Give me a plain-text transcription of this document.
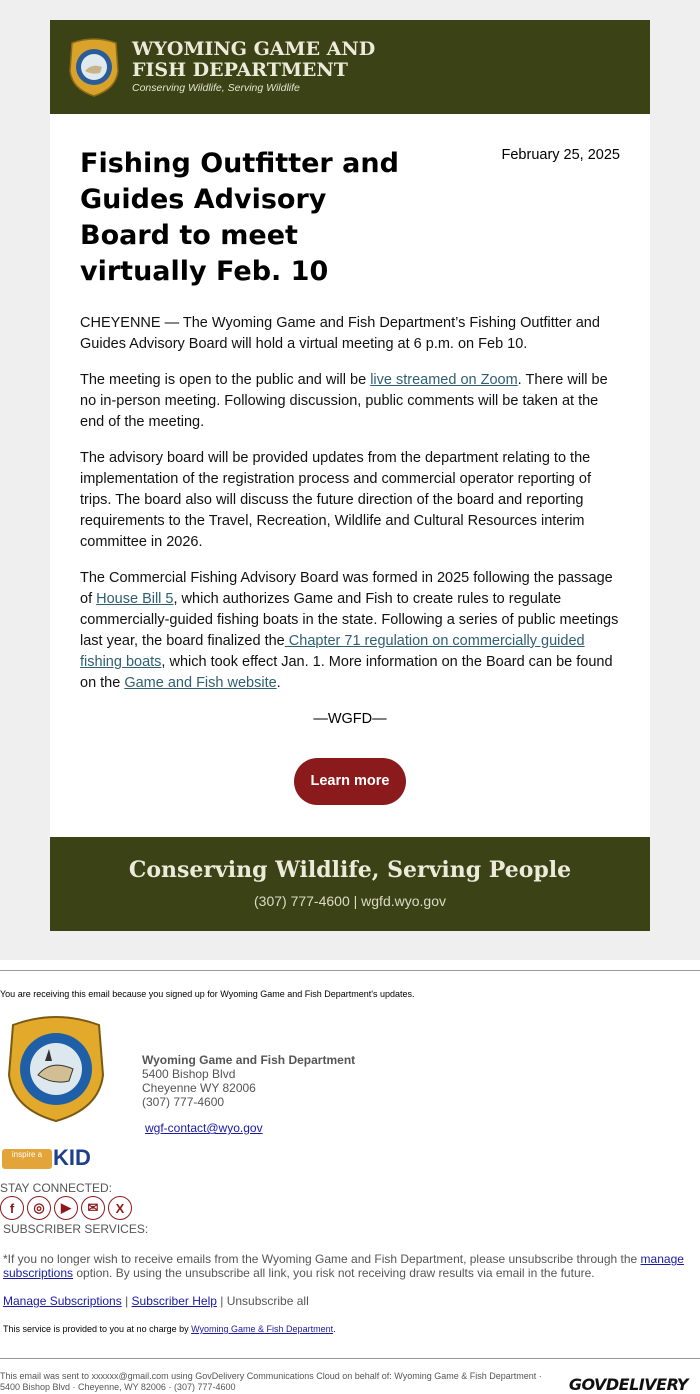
WYOMING GAME AND
FISH DEPARTMENT
Conserving Wildlife, Serving Wildlife
Fishing Outfitter and Guides Advisory Board to meet virtually Feb. 10
February 25, 2025

CHEYENNE — The Wyoming Game and Fish Department’s Fishing Outfitter and Guides Advisory Board will hold a virtual meeting at 6 p.m. on Feb 10.

The meeting is open to the public and will be live streamed on Zoom. There will be no in-person meeting. Following discussion, public comments will be taken at the end of the meeting.

The advisory board will be provided updates from the department relating to the implementation of the registration process and commercial operator reporting of trips. The board also will discuss the future direction of the board and reporting requirements to the Travel, Recreation, Wildlife and Cultural Resources interim committee in 2026.

The Commercial Fishing Advisory Board was formed in 2025 following the passage of House Bill 5, which authorizes Game and Fish to create rules to regulate commercially-guided fishing boats in the state. Following a series of public meetings last year, the board finalized the Chapter 71 regulation on commercially guided fishing boats, which took effect Jan. 1. More information on the Board can be found on the Game and Fish website.

—WGFD—
Learn more
Conserving Wildlife, Serving People
(307) 777-4600 | wgfd.wyo.gov
You are receiving this email because you signed up for Wyoming Game and Fish Department's updates.
Wyoming Game and Fish Department
5400 Bishop Blvd
Cheyenne WY 82006
(307) 777-4600
wgf-contact@wyo.gov
inspire a KID
STAY CONNECTED:
f	◎	▶	✉	X
SUBSCRIBER SERVICES:
*If you no longer wish to receive emails from the Wyoming Game and Fish Department, please unsubscribe through the manage subscriptions option. By using the unsubscribe all link, you risk not receiving draw results via email in the future.
Manage Subscriptions | Subscriber Help | Unsubscribe all
This service is provided to you at no charge by Wyoming Game & Fish Department.
This email was sent to xxxxxx@gmail.com using GovDelivery Communications Cloud on behalf of: Wyoming Game & Fish Department · 5400 Bishop Blvd · Cheyenne, WY 82006 · (307) 777-4600	GOVDELIVERY
